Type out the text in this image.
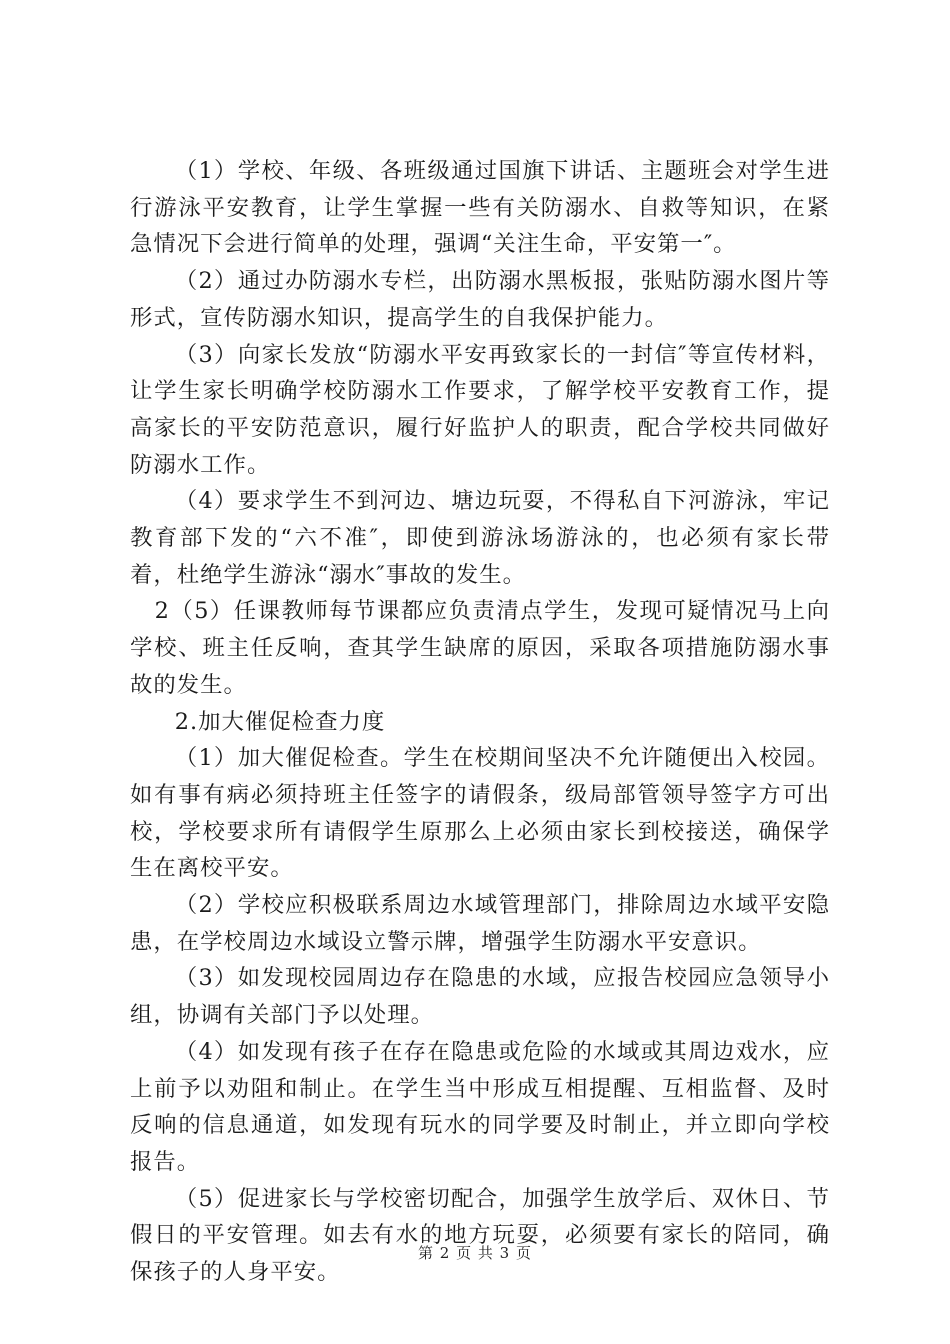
（1）学校、年级、各班级通过国旗下讲话、主题班会对学生进行游泳平安教育，让学生掌握一些有关防溺水、自救等知识，在紧急情况下会进行简单的处理，强调“关注生命，平安第一″。

（2）通过办防溺水专栏，出防溺水黑板报，张贴防溺水图片等形式，宣传防溺水知识，提高学生的自我保护能力。

（3）向家长发放“防溺水平安再致家长的一封信″等宣传材料，让学生家长明确学校防溺水工作要求，了解学校平安教育工作，提高家长的平安防范意识，履行好监护人的职责，配合学校共同做好防溺水工作。

（4）要求学生不到河边、塘边玩耍，不得私自下河游泳，牢记教育部下发的“六不准″，即使到游泳场游泳的，也必须有家长带着，杜绝学生游泳“溺水″事故的发生。

2（5）任课教师每节课都应负责清点学生，发现可疑情况马上向学校、班主任反响，查其学生缺席的原因，采取各项措施防溺水事故的发生。

2.加大催促检查力度

（1）加大催促检查。学生在校期间坚决不允许随便出入校园。如有事有病必须持班主任签字的请假条，级局部管领导签字方可出校，学校要求所有请假学生原那么上必须由家长到校接送，确保学生在离校平安。

（2）学校应积极联系周边水域管理部门，排除周边水域平安隐患，在学校周边水域设立警示牌，增强学生防溺水平安意识。

（3）如发现校园周边存在隐患的水域，应报告校园应急领导小组，协调有关部门予以处理。

（4）如发现有孩子在存在隐患或危险的水域或其周边戏水，应上前予以劝阻和制止。在学生当中形成互相提醒、互相监督、及时反响的信息通道，如发现有玩水的同学要及时制止，并立即向学校报告。

（5）促进家长与学校密切配合，加强学生放学后、双休日、节假日的平安管理。如去有水的地方玩耍，必须要有家长的陪同，确保孩子的人身平安。

第 2 页 共 3 页
